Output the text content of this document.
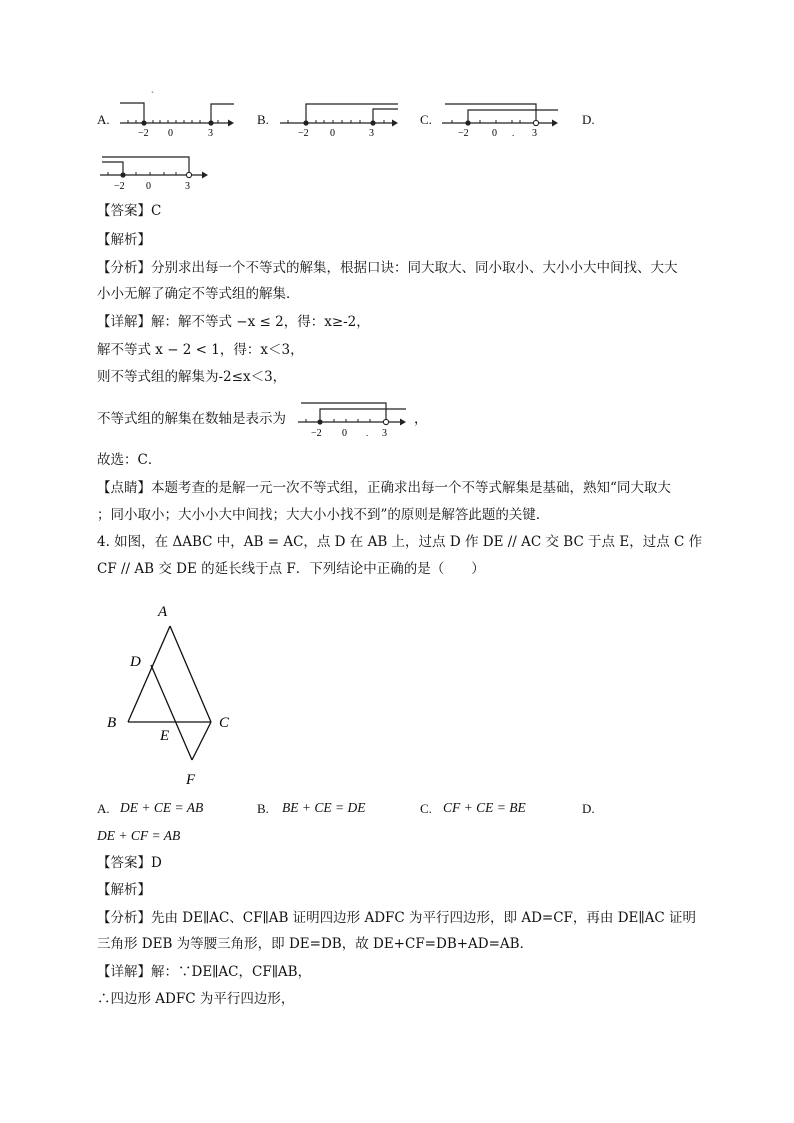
A.
`
−2 0	3
B.
−2 0	3
C.
−2 0 . 3
D.
−2 0	3
【答案】C
【解析】
【分析】分别求出每一个不等式的解集，根据口诀：同大取大、同小取小、大小小大中间找、大大
小小无解了确定不等式组的解集．
【详解】解：解不等式 −x ≤ 2，得：x≥-2，
解不等式 x − 2 < 1，得：x＜3，
则不等式组的解集为-2≤x＜3，
不等式组的解集在数轴是表示为
−2 0 . 3
，
故选：C．
【点睛】本题考查的是解一元一次不等式组，正确求出每一个不等式解集是基础，熟知“同大取大
；同小取小；大小小大中间找；大大小小找不到”的原则是解答此题的关键．
4. 如图，在 ΔABC 中，AB = AC，点 D 在 AB 上，过点 D 作 DE // AC 交 BC 于点 E，过点 C 作
CF // AB 交 DE 的延长线于点 F．下列结论中正确的是（　　）
A
D
B	C
E
F
A. DE + CE = AB	B. BE + CE = DE	C. CF + CE = BE	D.
DE + CF = AB
【答案】D
【解析】
【分析】先由 DE∥AC、CF∥AB 证明四边形 ADFC 为平行四边形，即 AD=CF，再由 DE∥AC 证明
三角形 DEB 为等腰三角形，即 DE=DB，故 DE+CF=DB+AD=AB．
【详解】解：∵DE∥AC，CF∥AB，
∴四边形 ADFC 为平行四边形，
